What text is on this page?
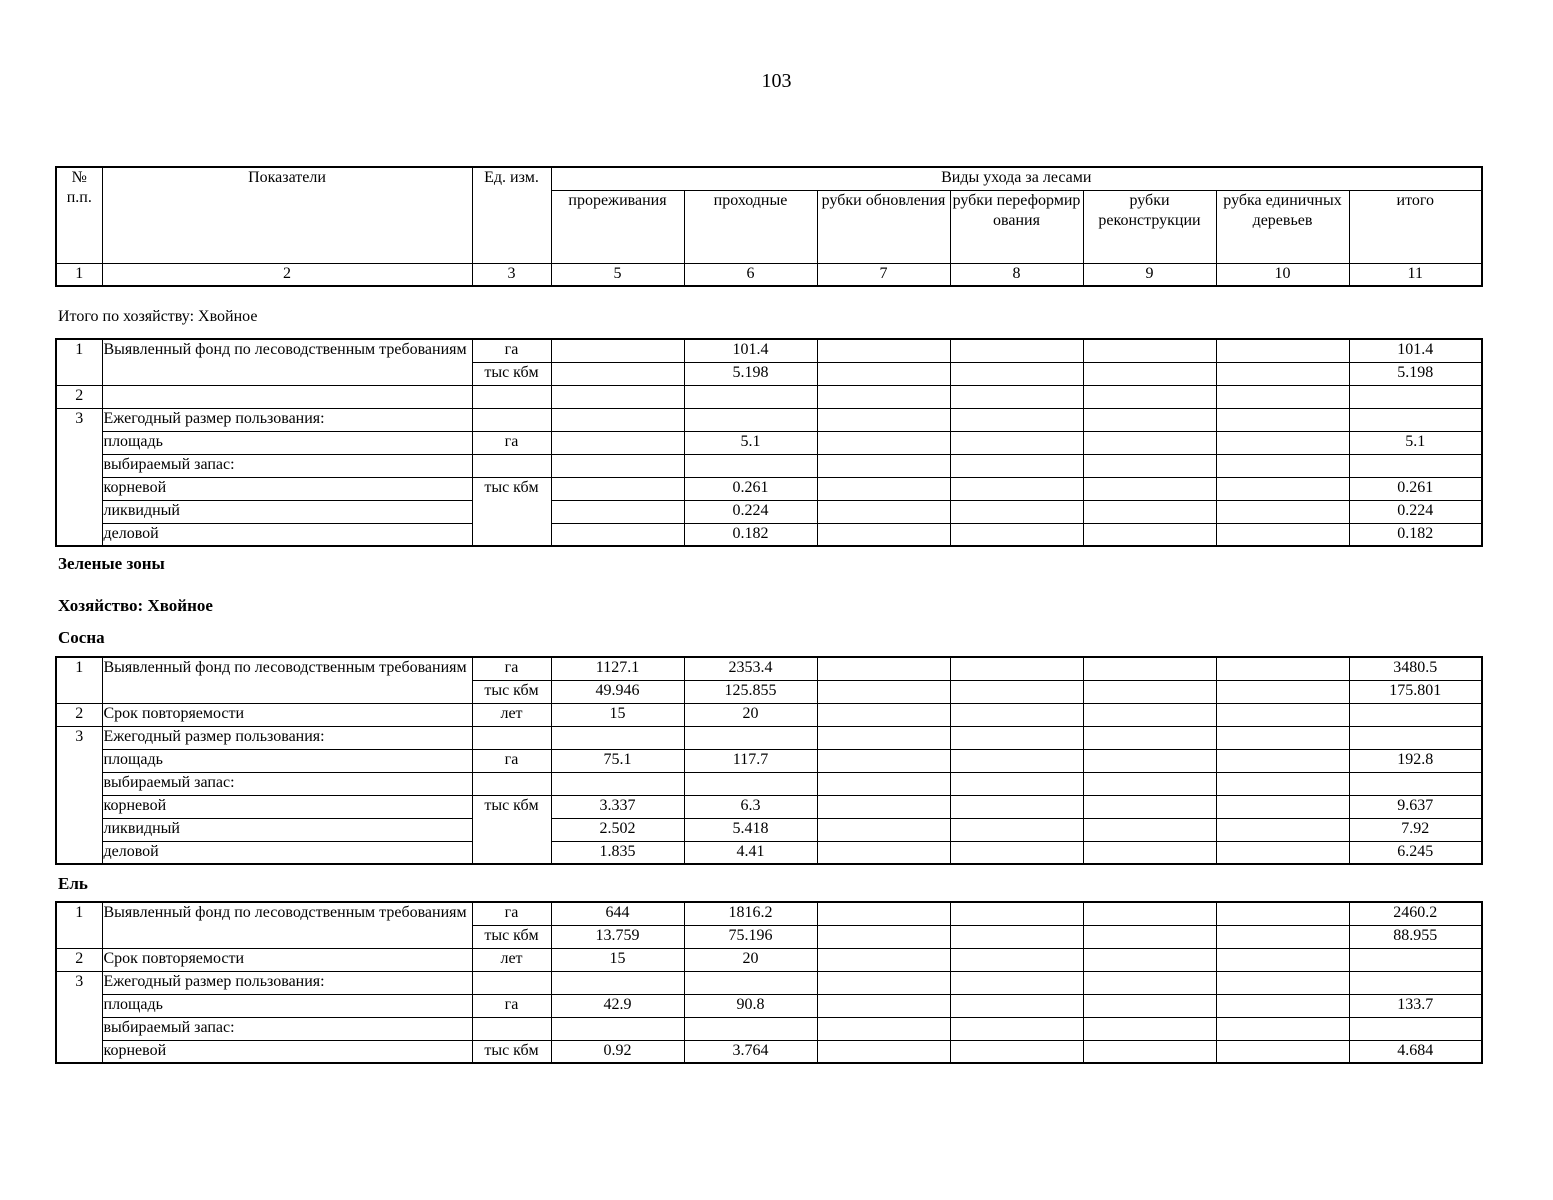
103
№ п.п.	Показатели	Ед. изм.	Виды ухода за лесами						
			прореживания	проходные	рубки обновления	рубки переформирования	рубки реконструкции	рубка единичных деревьев	итого
1	2	3	5	6	7	8	9	10	11
Итого по хозяйству: Хвойное
1	Выявленный фонд по лесоводственным требованиям	га		101.4					101.4
		тыс кбм		5.198					5.198
2									
3	Ежегодный размер пользования:								
	площадь	га		5.1					5.1
	выбираемый запас:								
	корневой	тыс кбм		0.261					0.261
	ликвидный			0.224					0.224
	деловой			0.182					0.182
Зеленые зоны
Хозяйство: Хвойное
Сосна
1	Выявленный фонд по лесоводственным требованиям	га	1127.1	2353.4					3480.5
		тыс кбм	49.946	125.855					175.801
2	Срок повторяемости	лет	15	20					
3	Ежегодный размер пользования:								
	площадь	га	75.1	117.7					192.8
	выбираемый запас:								
	корневой	тыс кбм	3.337	6.3					9.637
	ликвидный		2.502	5.418					7.92
	деловой		1.835	4.41					6.245
Ель
1	Выявленный фонд по лесоводственным требованиям	га	644	1816.2					2460.2
		тыс кбм	13.759	75.196					88.955
2	Срок повторяемости	лет	15	20					
3	Ежегодный размер пользования:								
	площадь	га	42.9	90.8					133.7
	выбираемый запас:								
	корневой	тыс кбм	0.92	3.764					4.684
